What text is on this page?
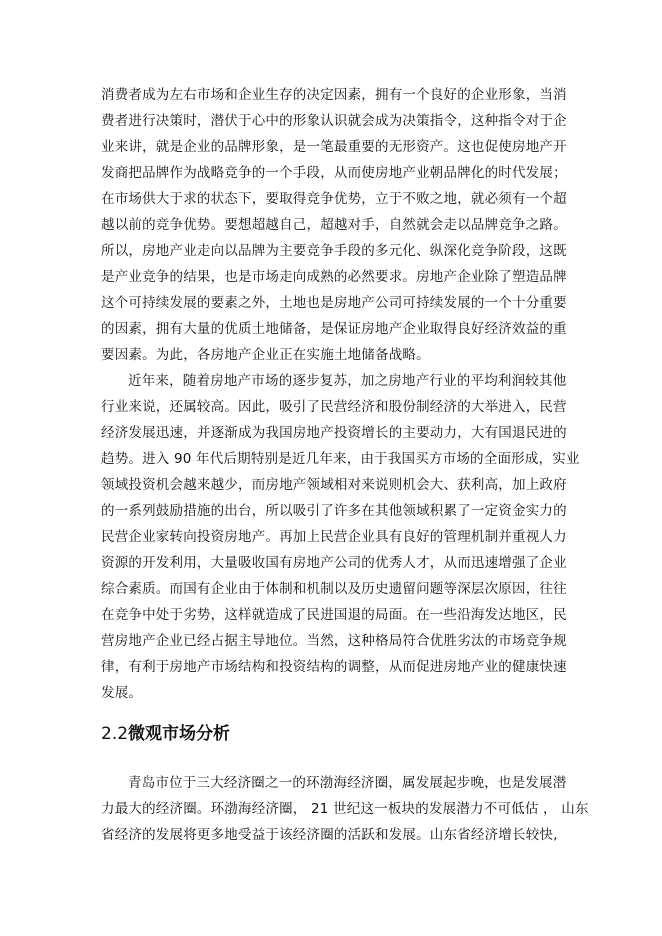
消费者成为左右市场和企业生存的决定因素，拥有一个良好的企业形象，当消
费者进行决策时，潜伏于心中的形象认识就会成为决策指令，这种指令对于企
业来讲，就是企业的品牌形象，是一笔最重要的无形资产。这也促使房地产开
发商把品牌作为战略竞争的一个手段，从而使房地产业朝品牌化的时代发展；
在市场供大于求的状态下，要取得竞争优势，立于不败之地，就必须有一个超
越以前的竞争优势。要想超越自己，超越对手，自然就会走以品牌竞争之路。
所以，房地产业走向以品牌为主要竞争手段的多元化、纵深化竞争阶段，这既
是产业竞争的结果，也是市场走向成熟的必然要求。房地产企业除了塑造品牌
这个可持续发展的要素之外，土地也是房地产公司可持续发展的一个十分重要
的因素，拥有大量的优质土地储备，是保证房地产企业取得良好经济效益的重
要因素。为此，各房地产企业正在实施土地储备战略。
近年来，随着房地产市场的逐步复苏，加之房地产行业的平均利润较其他
行业来说，还属较高。因此，吸引了民营经济和股份制经济的大举进入，民营
经济发展迅速，并逐渐成为我国房地产投资增长的主要动力，大有国退民进的
趋势。进入 90 年代后期特别是近几年来，由于我国买方市场的全面形成，实业
领域投资机会越来越少，而房地产领域相对来说则机会大、获利高，加上政府
的一系列鼓励措施的出台，所以吸引了许多在其他领域积累了一定资金实力的
民营企业家转向投资房地产。再加上民营企业具有良好的管理机制并重视人力
资源的开发利用，大量吸收国有房地产公司的优秀人才，从而迅速增强了企业
综合素质。而国有企业由于体制和机制以及历史遗留问题等深层次原因，往往
在竞争中处于劣势，这样就造成了民进国退的局面。在一些沿海发达地区，民
营房地产企业已经占据主导地位。当然，这种格局符合优胜劣汰的市场竞争规
律，有利于房地产市场结构和投资结构的调整，从而促进房地产业的健康快速
发展。
2.2微观市场分析
青岛市位于三大经济圈之一的环渤海经济圈，属发展起步晚，也是发展潜
力最大的经济圈。环渤海经济圈， 21 世纪这一板块的发展潜力不可低估 ， 山东
省经济的发展将更多地受益于该经济圈的活跃和发展。山东省经济增长较快,
